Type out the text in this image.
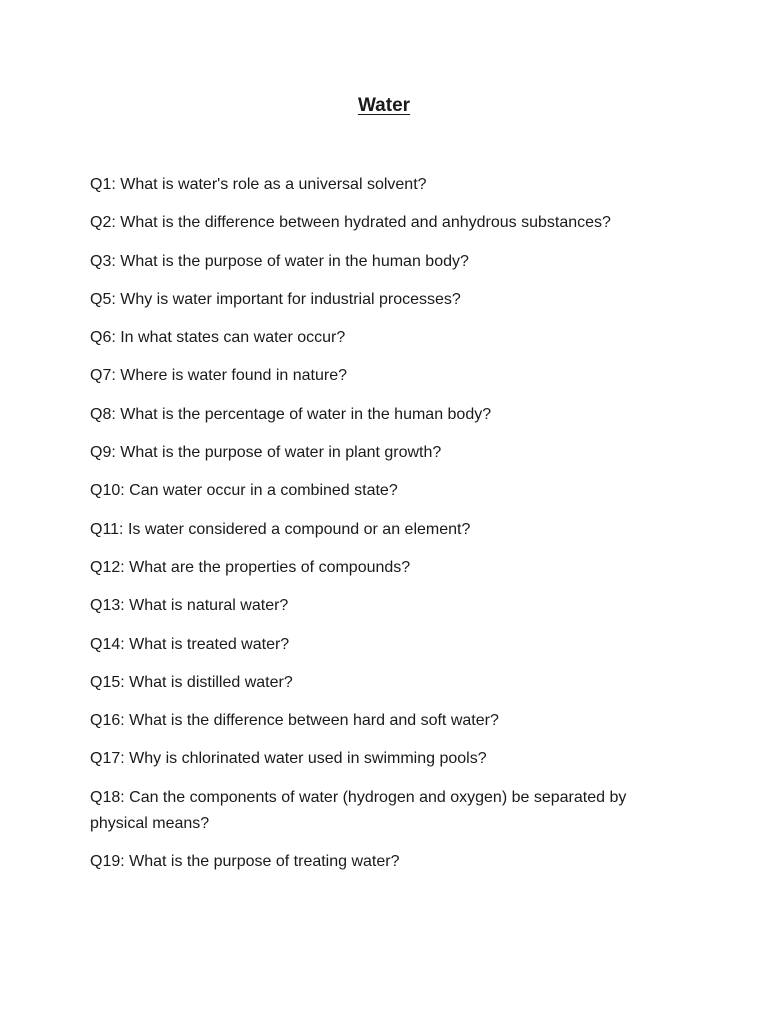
Water
Q1: What is water's role as a universal solvent?
Q2: What is the difference between hydrated and anhydrous substances?
Q3: What is the purpose of water in the human body?
Q5: Why is water important for industrial processes?
Q6: In what states can water occur?
Q7: Where is water found in nature?
Q8: What is the percentage of water in the human body?
Q9: What is the purpose of water in plant growth?
Q10: Can water occur in a combined state?
Q11: Is water considered a compound or an element?
Q12: What are the properties of compounds?
Q13: What is natural water?
Q14: What is treated water?
Q15: What is distilled water?
Q16: What is the difference between hard and soft water?
Q17: Why is chlorinated water used in swimming pools?
Q18: Can the components of water (hydrogen and oxygen) be separated by physical means?
Q19: What is the purpose of treating water?
